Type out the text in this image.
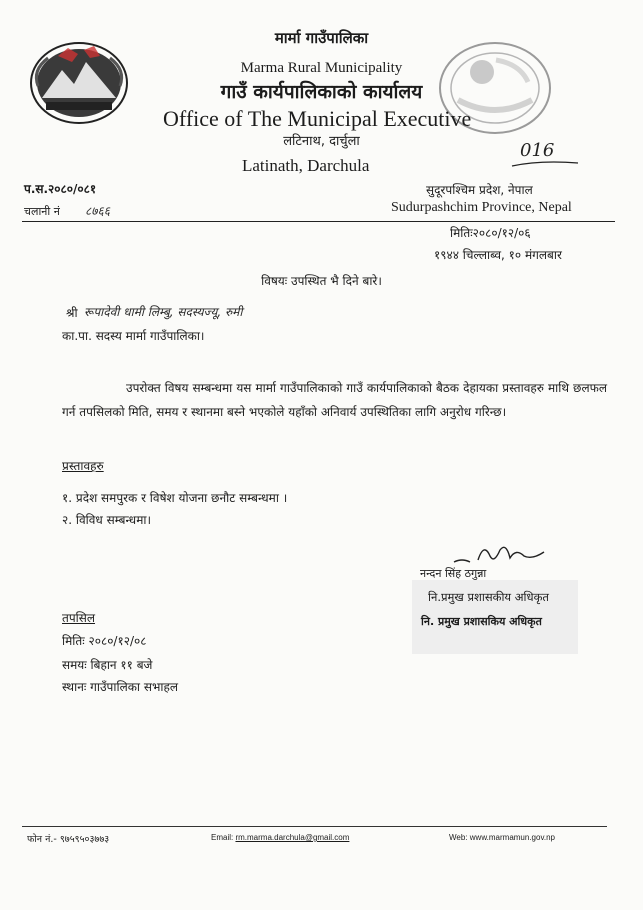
मार्मा गाउँपालिका
Marma Rural Municipality
गाउँ कार्यपालिकाको कार्यालय
Office of The Municipal Executive
लटिनाथ, दार्चुला
Latinath, Darchula
016
प.स.२०८०/०८१
चलानी नं ८७६६
सुदूरपश्चिम प्रदेश, नेपाल
Sudurpashchim Province, Nepal
मितिः२०८०/१२/०६
१९४४ चिल्लाब्व, १० मंगलबार
विषयः उपस्थित भै दिने बारे।
श्री रूपादेवी धामी लिम्बु, सदस्यज्यू, रुमी
का.पा. सदस्य मार्मा गाउँपालिका।
उपरोक्त विषय सम्बन्धमा यस मार्मा गाउँपालिकाको गाउँ कार्यपालिकाको बैठक देहायका प्रस्तावहरु माथि छलफल गर्न तपसिलको मिति, समय र स्थानमा बस्ने भएकोले यहाँको अनिवार्य उपस्थितिका लागि अनुरोध गरिन्छ।
प्रस्तावहरु
१. प्रदेश समपुरक र विषेश योजना छनौट सम्बन्धमा ।
२. विविध सम्बन्धमा।
नन्दन सिंह ठगुन्ना
नि.प्रमुख प्रशासकीय अधिकृत
नि. प्रमुख प्रशासकिय अधिकृत
तपसिल
मितिः २०८०/१२/०८
समयः बिहान ११ बजे
स्थानः गाउँपालिका सभाहल
फोन नं.- ९७५९५०३७७३	Email: rm.marma.darchula@gmail.com	Web: www.marmamun.gov.np
